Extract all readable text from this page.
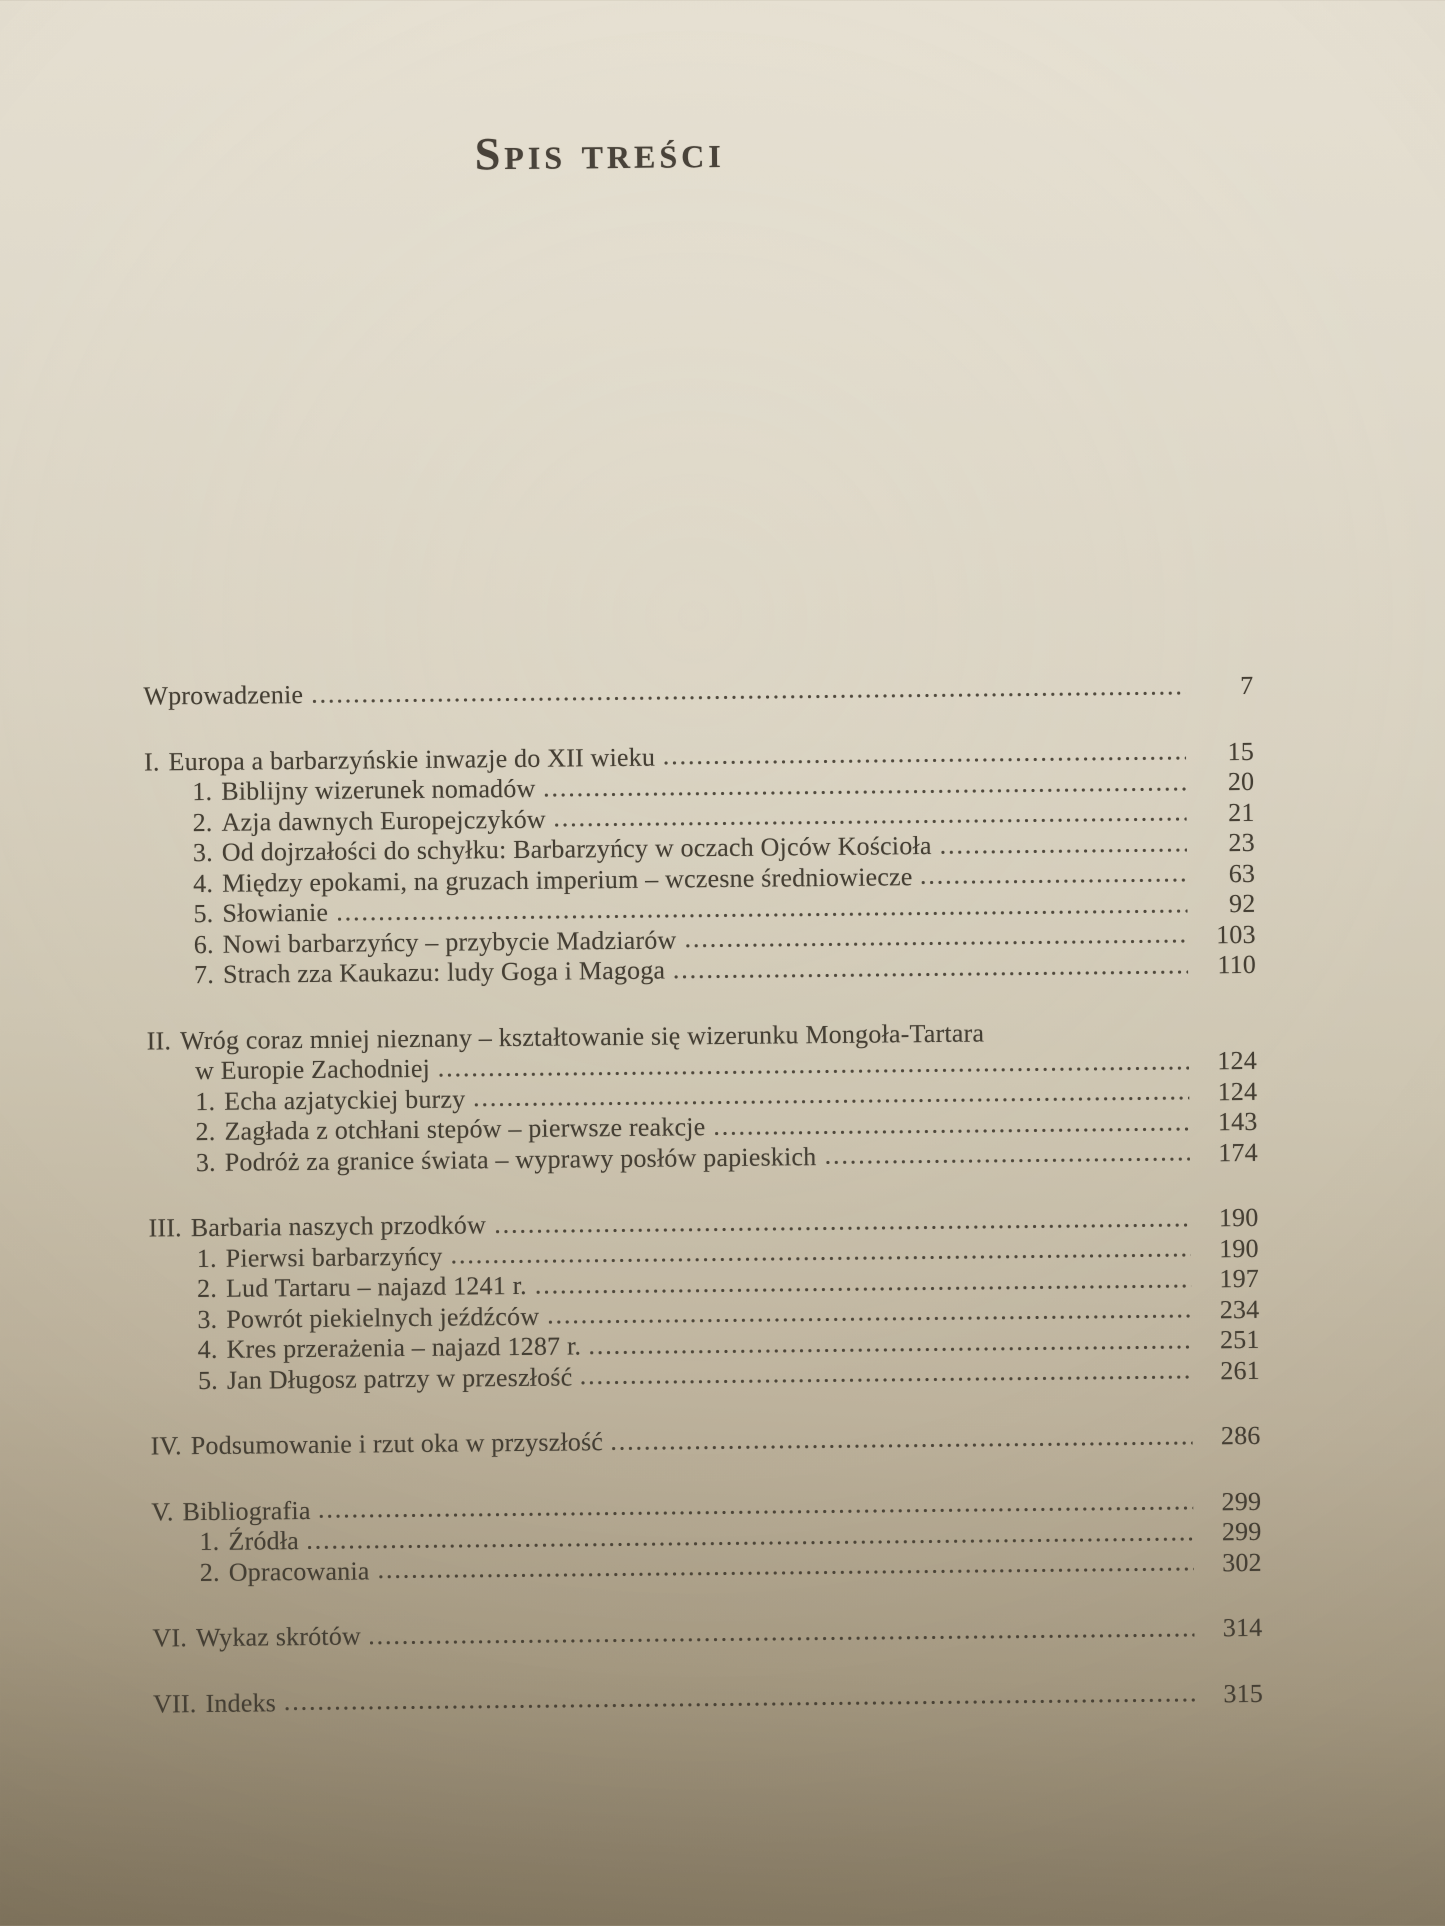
Spis treści
Wprowadzenie	7
I. Europa a barbarzyńskie inwazje do XII wieku	15
1. Biblijny wizerunek nomadów	20
2. Azja dawnych Europejczyków	21
3. Od dojrzałości do schyłku: Barbarzyńcy w oczach Ojców Kościoła	23
4. Między epokami, na gruzach imperium – wczesne średniowiecze	63
5. Słowianie	92
6. Nowi barbarzyńcy – przybycie Madziarów	103
7. Strach zza Kaukazu: ludy Goga i Magoga	110
II. Wróg coraz mniej nieznany – kształtowanie się wizerunku Mongoła-Tartara
w Europie Zachodniej	124
1. Echa azjatyckiej burzy	124
2. Zagłada z otchłani stepów – pierwsze reakcje	143
3. Podróż za granice świata – wyprawy posłów papieskich	174
III. Barbaria naszych przodków	190
1. Pierwsi barbarzyńcy	190
2. Lud Tartaru – najazd 1241 r.	197
3. Powrót piekielnych jeźdźców	234
4. Kres przerażenia – najazd 1287 r.	251
5. Jan Długosz patrzy w przeszłość	261
IV. Podsumowanie i rzut oka w przyszłość	286
V. Bibliografia	299
1. Źródła	299
2. Opracowania	302
VI. Wykaz skrótów	314
VII. Indeks	315
